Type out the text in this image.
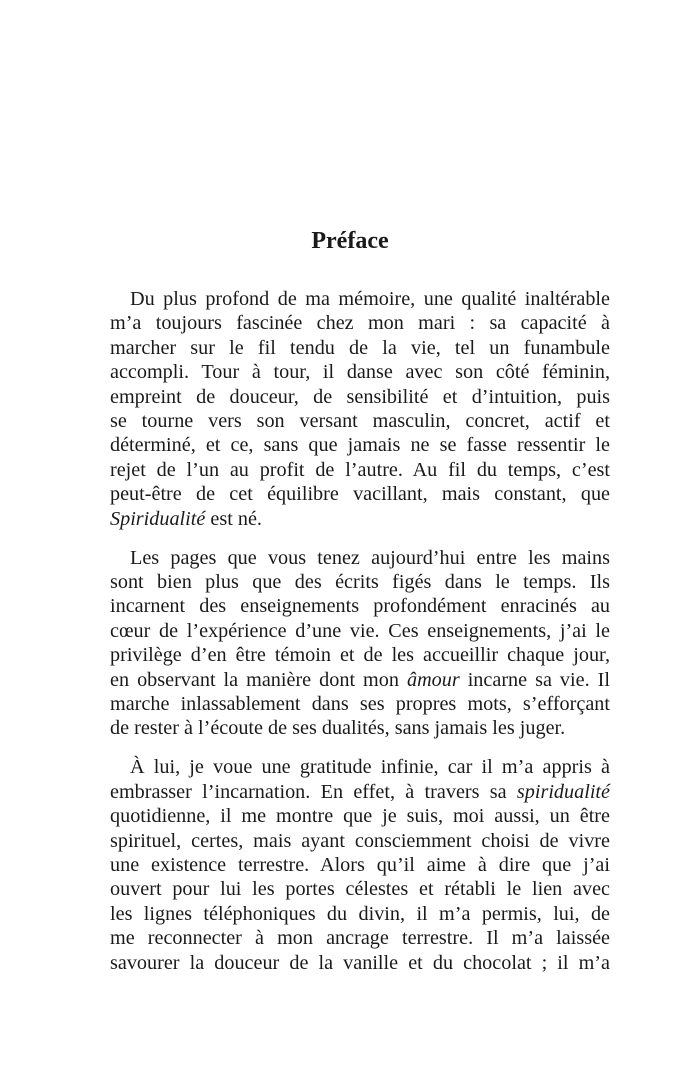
Préface

Du plus profond de ma mémoire, une qualité inaltérable
m’a toujours fascinée chez mon mari : sa capacité à
marcher sur le fil tendu de la vie, tel un funambule
accompli. Tour à tour, il danse avec son côté féminin,
empreint de douceur, de sensibilité et d’intuition, puis
se tourne vers son versant masculin, concret, actif et
déterminé, et ce, sans que jamais ne se fasse ressentir le
rejet de l’un au profit de l’autre. Au fil du temps, c’est
peut-être de cet équilibre vacillant, mais constant, que
Spiridualité est né.

Les pages que vous tenez aujourd’hui entre les mains
sont bien plus que des écrits figés dans le temps. Ils
incarnent des enseignements profondément enracinés au
cœur de l’expérience d’une vie. Ces enseignements, j’ai le
privilège d’en être témoin et de les accueillir chaque jour,
en observant la manière dont mon âmour incarne sa vie. Il
marche inlassablement dans ses propres mots, s’efforçant
de rester à l’écoute de ses dualités, sans jamais les juger.

À lui, je voue une gratitude infinie, car il m’a appris à
embrasser l’incarnation. En effet, à travers sa spiridualité
quotidienne, il me montre que je suis, moi aussi, un être
spirituel, certes, mais ayant consciemment choisi de vivre
une existence terrestre. Alors qu’il aime à dire que j’ai
ouvert pour lui les portes célestes et rétabli le lien avec
les lignes téléphoniques du divin, il m’a permis, lui, de
me reconnecter à mon ancrage terrestre. Il m’a laissée
savourer la douceur de la vanille et du chocolat ; il m’a
